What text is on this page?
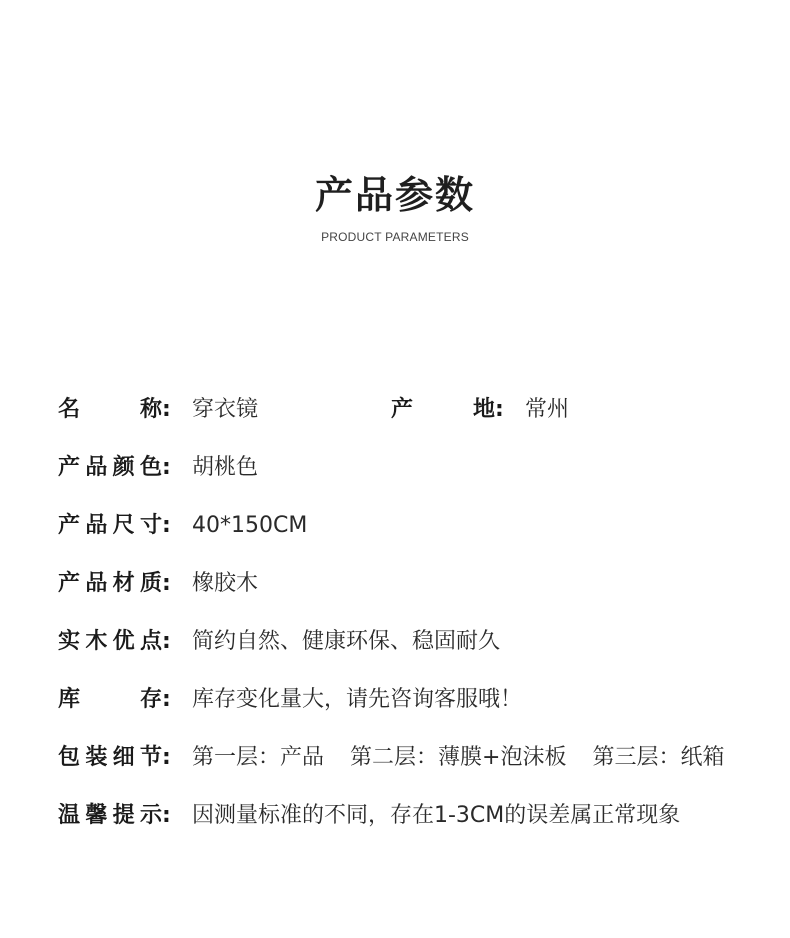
产品参数
PRODUCT PARAMETERS
名称: 穿衣镜	产地: 常州
产品颜色: 胡桃色
产品尺寸: 40*150CM
产品材质: 橡胶木
实木优点: 简约自然、健康环保、稳固耐久
库存: 库存变化量大，请先咨询客服哦！
包装细节: 第一层：产品 第二层：薄膜+泡沫板 第三层：纸箱
温馨提示: 因测量标准的不同，存在1-3CM的误差属正常现象
